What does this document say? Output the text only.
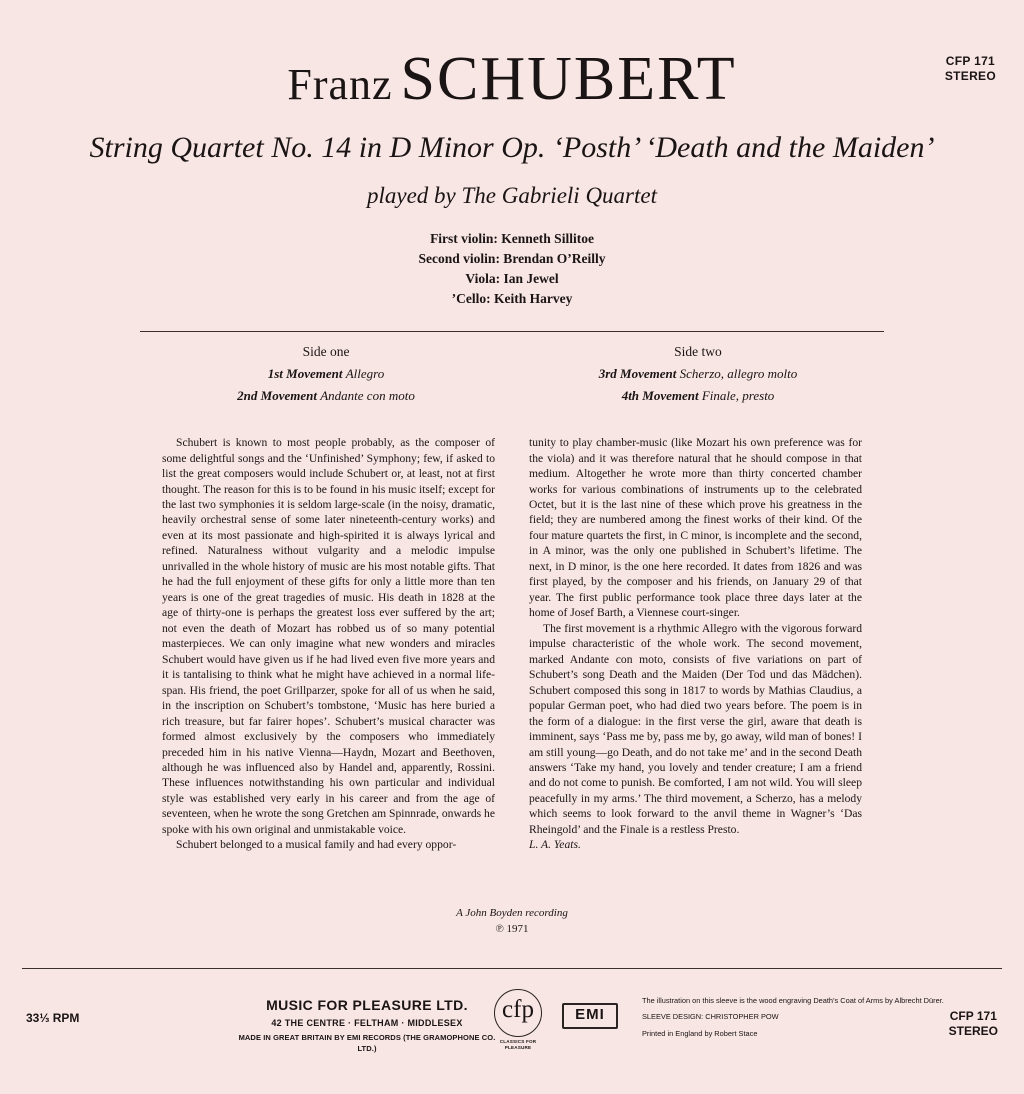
CFP 171
STEREO
Franz SCHUBERT
String Quartet No. 14 in D Minor Op. ‘Posth’ ‘Death and the Maiden’
played by The Gabrieli Quartet
First violin: Kenneth Sillitoe
Second violin: Brendan O’Reilly
Viola: Ian Jewel
’Cello: Keith Harvey
Side one
1st Movement Allegro
2nd Movement Andante con moto
Side two
3rd Movement Scherzo, allegro molto
4th Movement Finale, presto

Schubert is known to most people probably, as the composer of some delightful songs and the ‘Unfinished’ Symphony; few, if asked to list the great composers would include Schubert or, at least, not at first thought. The reason for this is to be found in his music itself; except for the last two symphonies it is seldom large-scale (in the noisy, dramatic, heavily orchestral sense of some later nineteenth-century works) and even at its most passionate and high-spirited it is always lyrical and refined. Naturalness without vulgarity and a melodic impulse unrivalled in the whole history of music are his most notable gifts. That he had the full enjoyment of these gifts for only a little more than ten years is one of the great tragedies of music. His death in 1828 at the age of thirty-one is perhaps the greatest loss ever suffered by the art; not even the death of Mozart has robbed us of so many potential masterpieces. We can only imagine what new wonders and miracles Schubert would have given us if he had lived even five more years and it is tantalising to think what he might have achieved in a normal life-span. His friend, the poet Grillparzer, spoke for all of us when he said, in the inscription on Schubert’s tombstone, ‘Music has here buried a rich treasure, but far fairer hopes’. Schubert’s musical character was formed almost exclusively by the composers who immediately preceded him in his native Vienna—Haydn, Mozart and Beethoven, although he was influenced also by Handel and, apparently, Rossini. These influences notwithstanding his own particular and individual style was established very early in his career and from the age of seventeen, when he wrote the song Gretchen am Spinnrade, onwards he spoke with his own original and unmistakable voice.

Schubert belonged to a musical family and had every oppor-

tunity to play chamber-music (like Mozart his own preference was for the viola) and it was therefore natural that he should compose in that medium. Altogether he wrote more than thirty concerted chamber works for various combinations of instruments up to the celebrated Octet, but it is the last nine of these which prove his greatness in the field; they are numbered among the finest works of their kind. Of the four mature quartets the first, in C minor, is incomplete and the second, in A minor, was the only one published in Schubert’s lifetime. The next, in D minor, is the one here recorded. It dates from 1826 and was first played, by the composer and his friends, on January 29 of that year. The first public performance took place three days later at the home of Josef Barth, a Viennese court-singer.

The first movement is a rhythmic Allegro with the vigorous forward impulse characteristic of the whole work. The second movement, marked Andante con moto, consists of five variations on part of Schubert’s song Death and the Maiden (Der Tod und das Mädchen). Schubert composed this song in 1817 to words by Mathias Claudius, a popular German poet, who had died two years before. The poem is in the form of a dialogue: in the first verse the girl, aware that death is imminent, says ‘Pass me by, pass me by, go away, wild man of bones! I am still young—go Death, and do not take me’ and in the second Death answers ‘Take my hand, you lovely and tender creature; I am a friend and do not come to punish. Be comforted, I am not wild. You will sleep peacefully in my arms.’ The third movement, a Scherzo, has a melody which seems to look forward to the anvil theme in Wagner’s ‘Das Rheingold’ and the Finale is a restless Presto.

L. A. Yeats.

A John Boyden recording
℗ 1971
33⅓ RPM
MUSIC FOR PLEASURE LTD.
42 THE CENTRE · FELTHAM · MIDDLESEX
MADE IN GREAT BRITAIN BY EMI RECORDS (THE GRAMOPHONE CO. LTD.)
cfp
CLASSICS FOR PLEASURE
EMI
The illustration on this sleeve is the wood engraving Death’s Coat of Arms by Albrecht Dürer.
SLEEVE DESIGN: CHRISTOPHER POW
Printed in England by Robert Stace
CFP 171
STEREO
